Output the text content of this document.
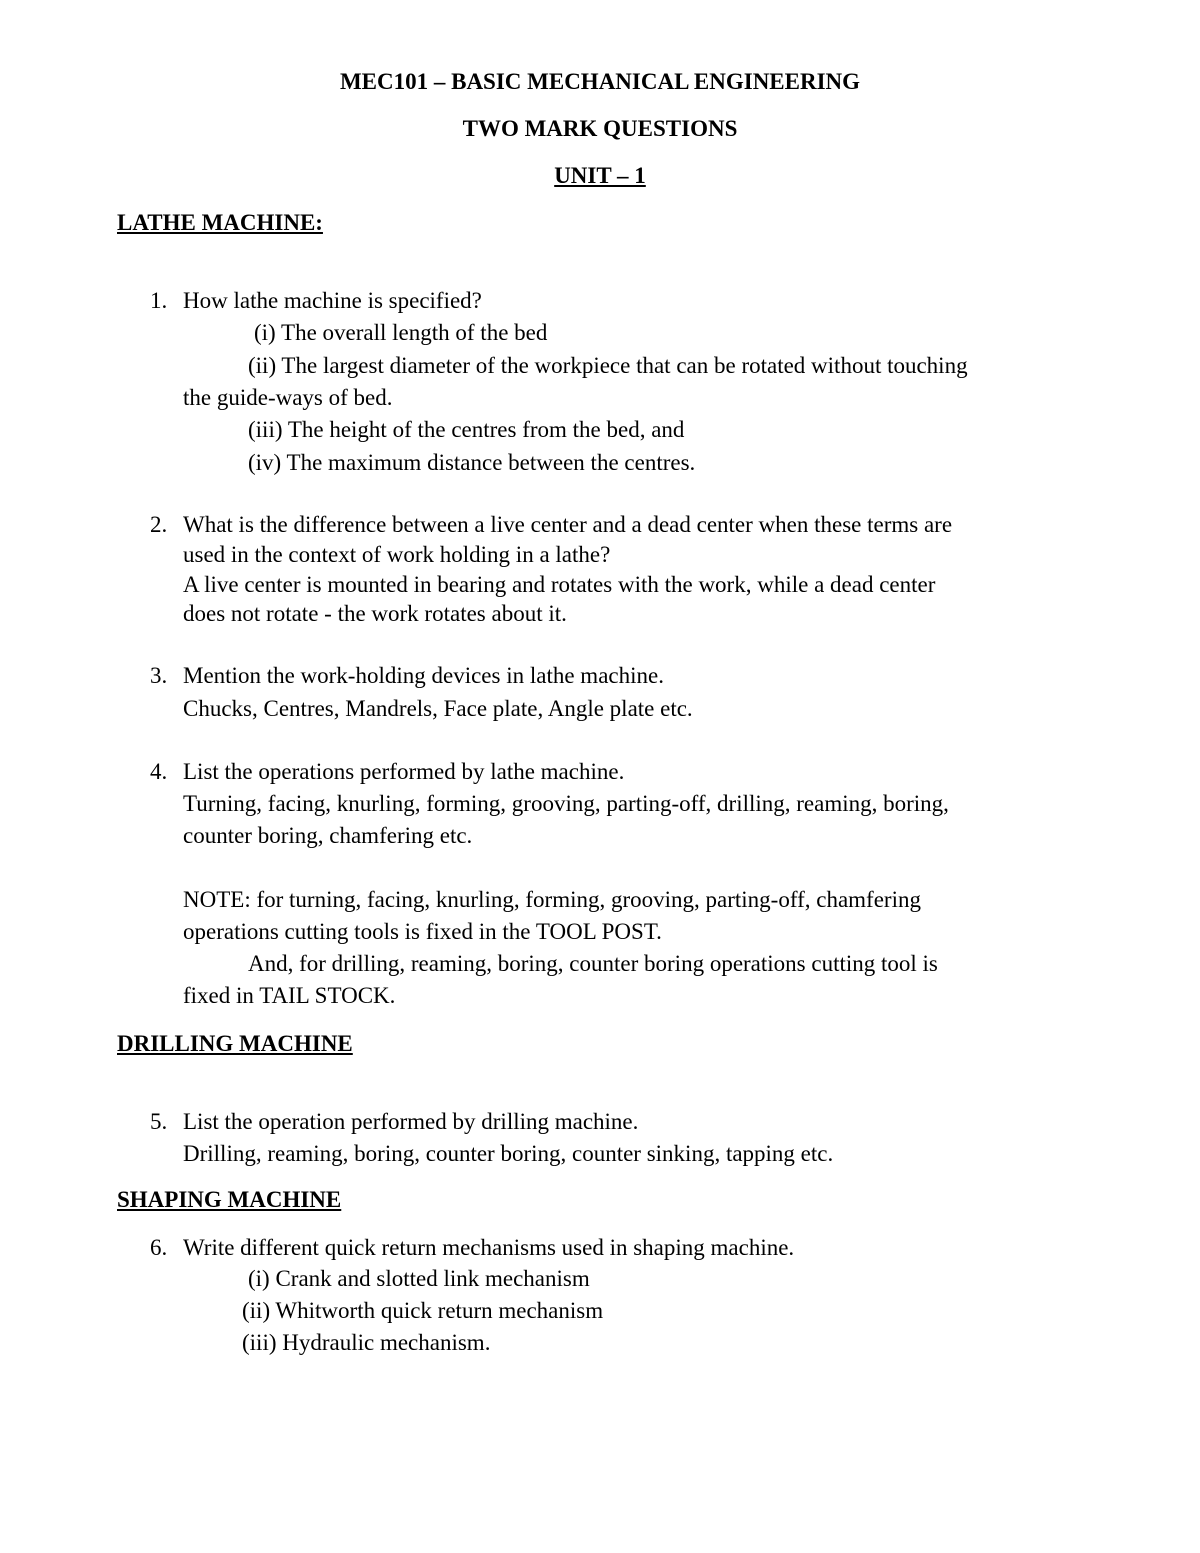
MEC101 – BASIC MECHANICAL ENGINEERING
TWO MARK QUESTIONS
UNIT – 1
LATHE MACHINE:
1. How lathe machine is specified?
(i) The overall length of the bed
(ii) The largest diameter of the workpiece that can be rotated without touching
the guide-ways of bed.
(iii) The height of the centres from the bed, and
(iv) The maximum distance between the centres.
2. What is the difference between a live center and a dead center when these terms are
used in the context of work holding in a lathe?
A live center is mounted in bearing and rotates with the work, while a dead center
does not rotate - the work rotates about it.
3. Mention the work-holding devices in lathe machine.
Chucks, Centres, Mandrels, Face plate, Angle plate etc.
4. List the operations performed by lathe machine.
Turning, facing, knurling, forming, grooving, parting-off, drilling, reaming, boring,
counter boring, chamfering etc.
NOTE: for turning, facing, knurling, forming, grooving, parting-off, chamfering
operations cutting tools is fixed in the TOOL POST.
And, for drilling, reaming, boring, counter boring operations cutting tool is
fixed in TAIL STOCK.
DRILLING MACHINE
5. List the operation performed by drilling machine.
Drilling, reaming, boring, counter boring, counter sinking, tapping etc.
SHAPING MACHINE
6. Write different quick return mechanisms used in shaping machine.
(i) Crank and slotted link mechanism
(ii) Whitworth quick return mechanism
(iii) Hydraulic mechanism.
